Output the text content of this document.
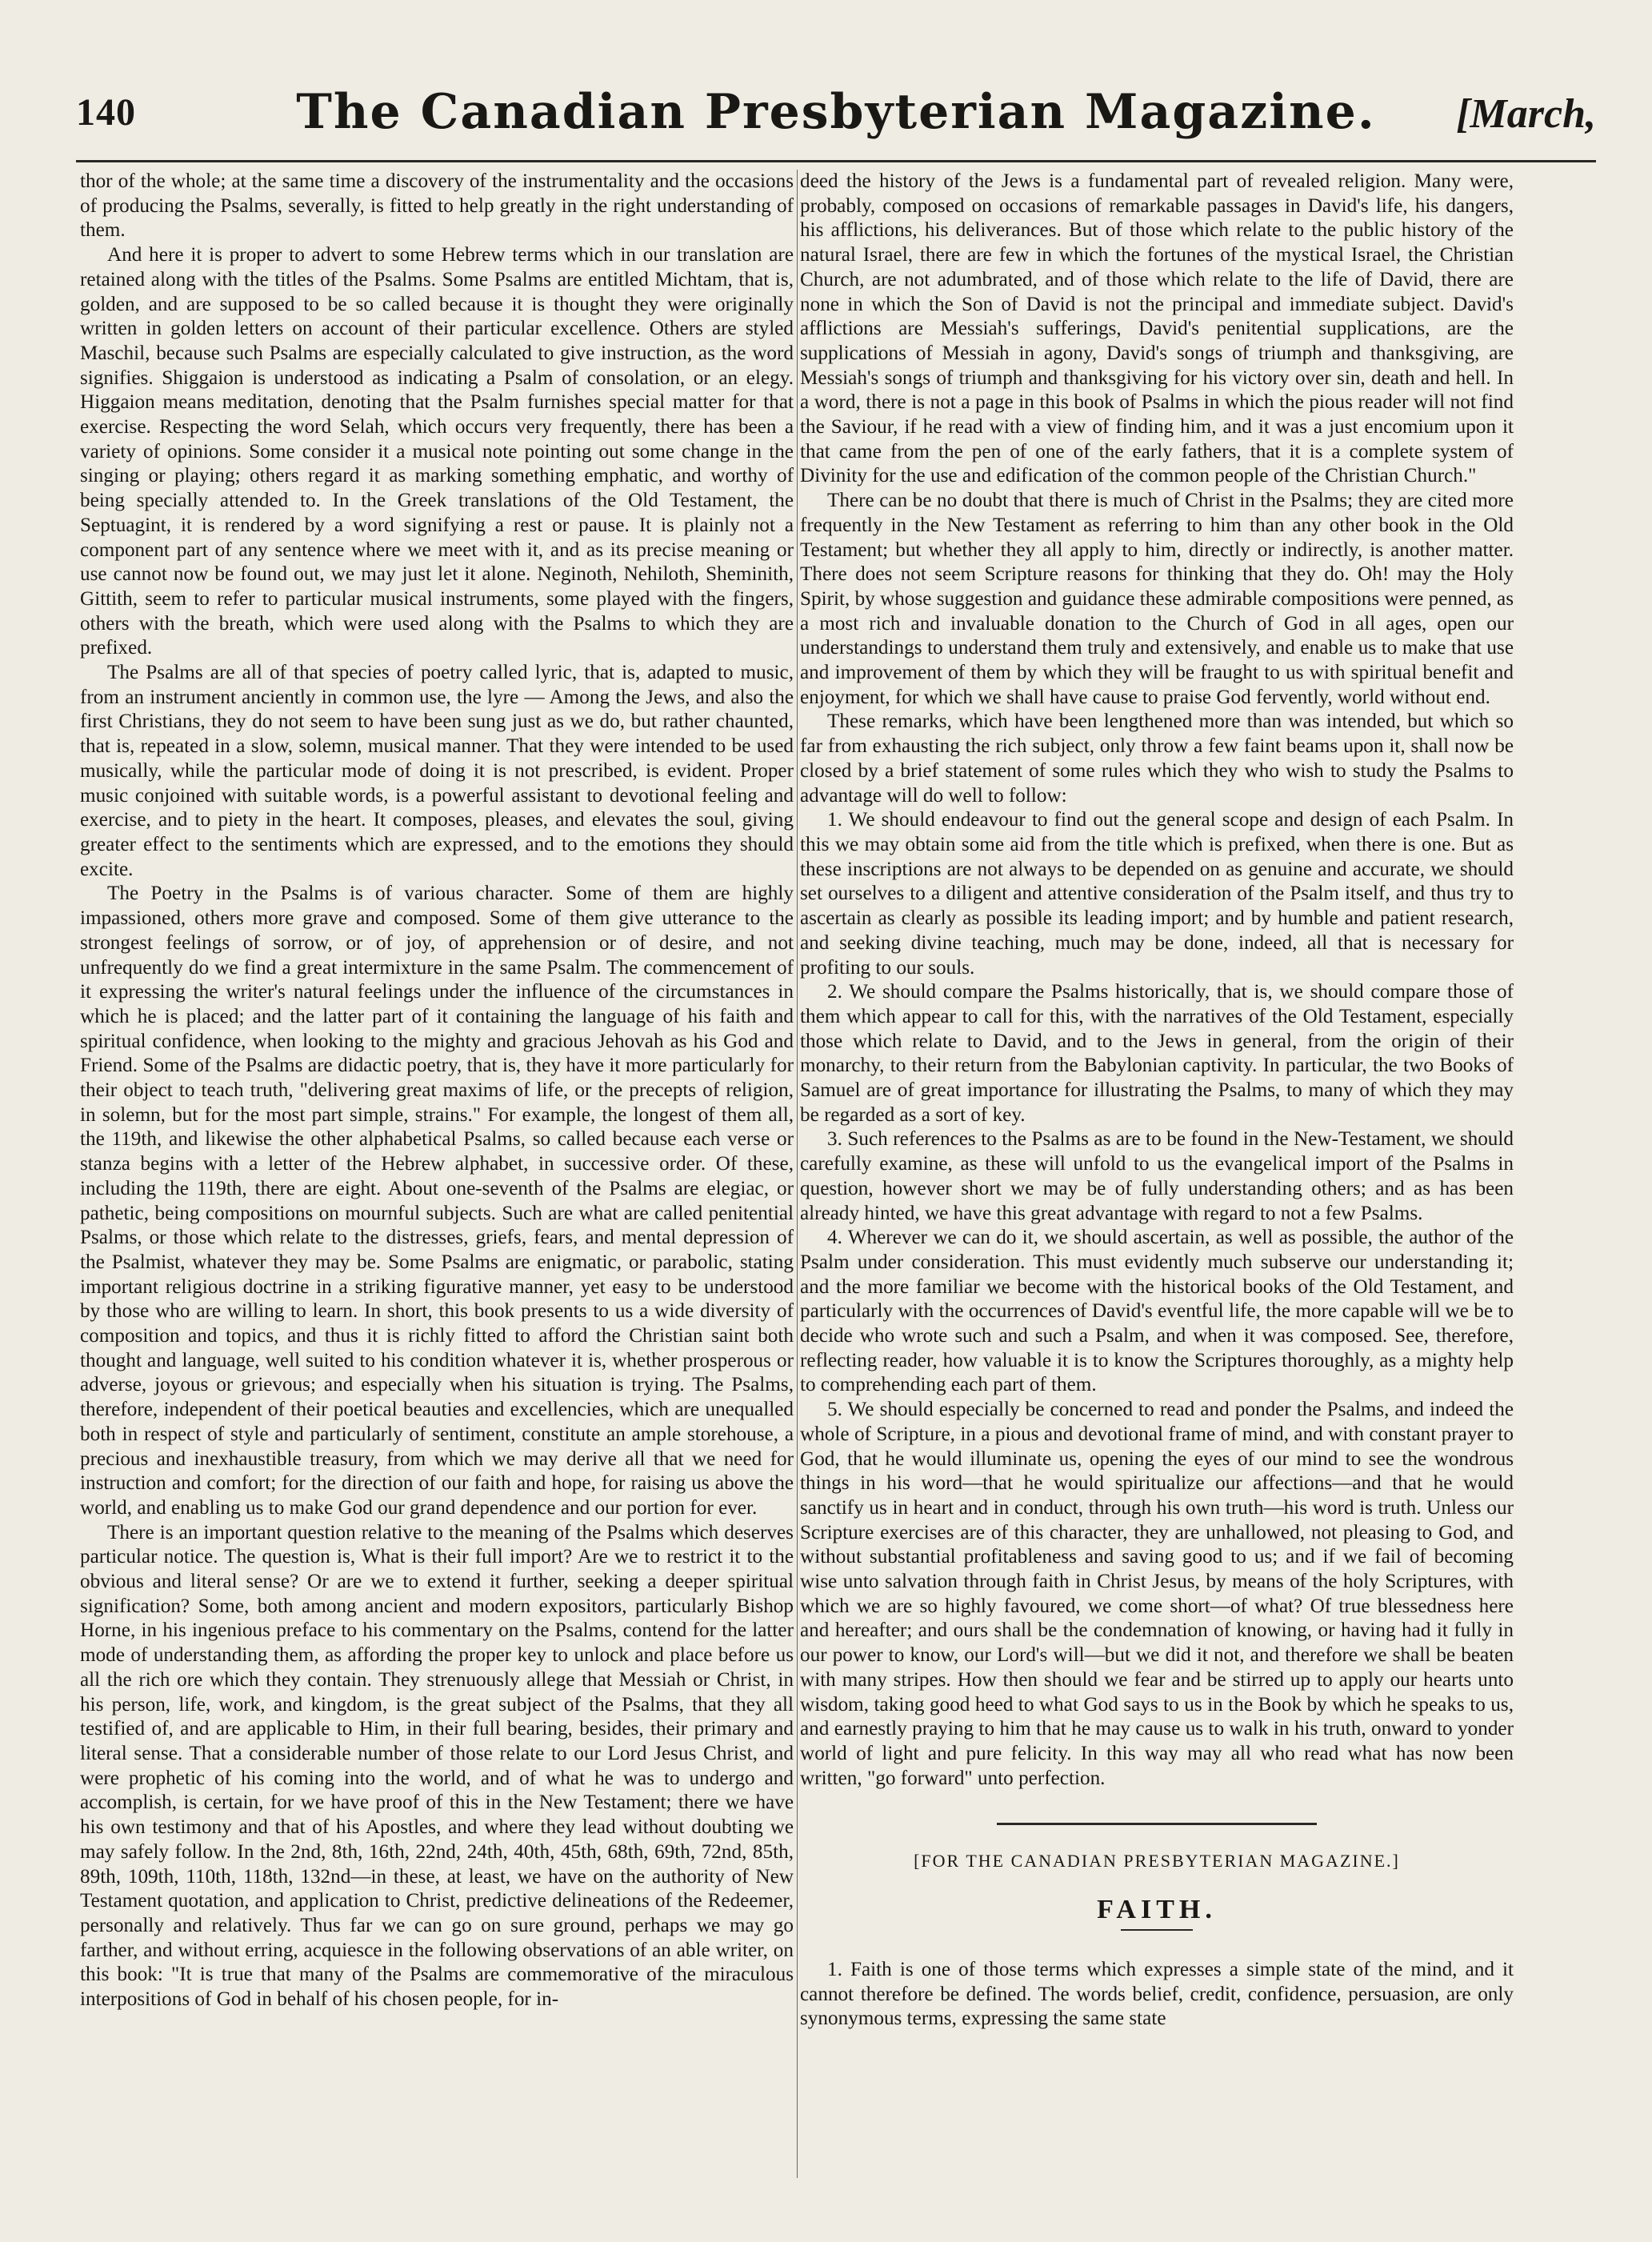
140	The Canadian Presbyterian Magazine.	[March,

thor of the whole; at the same time a discovery of the instrumentality and the occasions of producing the Psalms, severally, is fitted to help greatly in the right understanding of them.

And here it is proper to advert to some Hebrew terms which in our translation are retained along with the titles of the Psalms. Some Psalms are entitled Michtam, that is, golden, and are supposed to be so called because it is thought they were originally written in golden letters on account of their particular excellence. Others are styled Maschil, because such Psalms are especially calculated to give instruction, as the word signifies. Shiggaion is understood as indicating a Psalm of consolation, or an elegy. Higgaion means meditation, denoting that the Psalm furnishes special matter for that exercise. Respecting the word Selah, which occurs very frequently, there has been a variety of opinions. Some consider it a musical note pointing out some change in the singing or playing; others regard it as marking something emphatic, and worthy of being specially attended to. In the Greek translations of the Old Testament, the Septuagint, it is rendered by a word signifying a rest or pause. It is plainly not a component part of any sentence where we meet with it, and as its precise meaning or use cannot now be found out, we may just let it alone. Neginoth, Nehiloth, Sheminith, Gittith, seem to refer to particular musical instruments, some played with the fingers, others with the breath, which were used along with the Psalms to which they are prefixed.

The Psalms are all of that species of poetry called lyric, that is, adapted to music, from an instrument anciently in common use, the lyre — Among the Jews, and also the first Christians, they do not seem to have been sung just as we do, but rather chaunted, that is, repeated in a slow, solemn, musical manner. That they were intended to be used musically, while the particular mode of doing it is not prescribed, is evident. Proper music conjoined with suitable words, is a powerful assistant to devotional feeling and exercise, and to piety in the heart. It composes, pleases, and elevates the soul, giving greater effect to the sentiments which are expressed, and to the emotions they should excite.

The Poetry in the Psalms is of various character. Some of them are highly impassioned, others more grave and composed. Some of them give utterance to the strongest feelings of sorrow, or of joy, of apprehension or of desire, and not unfrequently do we find a great intermixture in the same Psalm. The commencement of it expressing the writer's natural feelings under the influence of the circumstances in which he is placed; and the latter part of it containing the language of his faith and spiritual confidence, when looking to the mighty and gracious Jehovah as his God and Friend. Some of the Psalms are didactic poetry, that is, they have it more particularly for their object to teach truth, "delivering great maxims of life, or the precepts of religion, in solemn, but for the most part simple, strains." For example, the longest of them all, the 119th, and likewise the other alphabetical Psalms, so called because each verse or stanza begins with a letter of the Hebrew alphabet, in successive order. Of these, including the 119th, there are eight. About one-seventh of the Psalms are elegiac, or pathetic, being compositions on mournful subjects. Such are what are called penitential Psalms, or those which relate to the distresses, griefs, fears, and mental depression of the Psalmist, whatever they may be. Some Psalms are enigmatic, or parabolic, stating important religious doctrine in a striking figurative manner, yet easy to be understood by those who are willing to learn. In short, this book presents to us a wide diversity of composition and topics, and thus it is richly fitted to afford the Christian saint both thought and language, well suited to his condition whatever it is, whether prosperous or adverse, joyous or grievous; and especially when his situation is trying. The Psalms, therefore, independent of their poetical beauties and excellencies, which are unequalled both in respect of style and particularly of sentiment, constitute an ample storehouse, a precious and inexhaustible treasury, from which we may derive all that we need for instruction and comfort; for the direction of our faith and hope, for raising us above the world, and enabling us to make God our grand dependence and our portion for ever.

There is an important question relative to the meaning of the Psalms which deserves particular notice. The question is, What is their full import? Are we to restrict it to the obvious and literal sense? Or are we to extend it further, seeking a deeper spiritual signification? Some, both among ancient and modern expositors, particularly Bishop Horne, in his ingenious preface to his commentary on the Psalms, contend for the latter mode of understanding them, as affording the proper key to unlock and place before us all the rich ore which they contain. They strenuously allege that Messiah or Christ, in his person, life, work, and kingdom, is the great subject of the Psalms, that they all testified of, and are applicable to Him, in their full bearing, besides, their primary and literal sense. That a considerable number of those relate to our Lord Jesus Christ, and were prophetic of his coming into the world, and of what he was to undergo and accomplish, is certain, for we have proof of this in the New Testament; there we have his own testimony and that of his Apostles, and where they lead without doubting we may safely follow. In the 2nd, 8th, 16th, 22nd, 24th, 40th, 45th, 68th, 69th, 72nd, 85th, 89th, 109th, 110th, 118th, 132nd—in these, at least, we have on the authority of New Testament quotation, and application to Christ, predictive delineations of the Redeemer, personally and relatively. Thus far we can go on sure ground, perhaps we may go farther, and without erring, acquiesce in the following observations of an able writer, on this book: "It is true that many of the Psalms are commemorative of the miraculous interpositions of God in behalf of his chosen people, for in-

deed the history of the Jews is a fundamental part of revealed religion. Many were, probably, composed on occasions of remarkable passages in David's life, his dangers, his afflictions, his deliverances. But of those which relate to the public history of the natural Israel, there are few in which the fortunes of the mystical Israel, the Christian Church, are not adumbrated, and of those which relate to the life of David, there are none in which the Son of David is not the principal and immediate subject. David's afflictions are Messiah's sufferings, David's penitential supplications, are the supplications of Messiah in agony, David's songs of triumph and thanksgiving, are Messiah's songs of triumph and thanksgiving for his victory over sin, death and hell. In a word, there is not a page in this book of Psalms in which the pious reader will not find the Saviour, if he read with a view of finding him, and it was a just encomium upon it that came from the pen of one of the early fathers, that it is a complete system of Divinity for the use and edification of the common people of the Christian Church."

There can be no doubt that there is much of Christ in the Psalms; they are cited more frequently in the New Testament as referring to him than any other book in the Old Testament; but whether they all apply to him, directly or indirectly, is another matter. There does not seem Scripture reasons for thinking that they do. Oh! may the Holy Spirit, by whose suggestion and guidance these admirable compositions were penned, as a most rich and invaluable donation to the Church of God in all ages, open our understandings to understand them truly and extensively, and enable us to make that use and improvement of them by which they will be fraught to us with spiritual benefit and enjoyment, for which we shall have cause to praise God fervently, world without end.

These remarks, which have been lengthened more than was intended, but which so far from exhausting the rich subject, only throw a few faint beams upon it, shall now be closed by a brief statement of some rules which they who wish to study the Psalms to advantage will do well to follow:

1. We should endeavour to find out the general scope and design of each Psalm. In this we may obtain some aid from the title which is prefixed, when there is one. But as these inscriptions are not always to be depended on as genuine and accurate, we should set ourselves to a diligent and attentive consideration of the Psalm itself, and thus try to ascertain as clearly as possible its leading import; and by humble and patient research, and seeking divine teaching, much may be done, indeed, all that is necessary for profiting to our souls.

2. We should compare the Psalms historically, that is, we should compare those of them which appear to call for this, with the narratives of the Old Testament, especially those which relate to David, and to the Jews in general, from the origin of their monarchy, to their return from the Babylonian captivity. In particular, the two Books of Samuel are of great importance for illustrating the Psalms, to many of which they may be regarded as a sort of key.

3. Such references to the Psalms as are to be found in the New-Testament, we should carefully examine, as these will unfold to us the evangelical import of the Psalms in question, however short we may be of fully understanding others; and as has been already hinted, we have this great advantage with regard to not a few Psalms.

4. Wherever we can do it, we should ascertain, as well as possible, the author of the Psalm under consideration. This must evidently much subserve our understanding it; and the more familiar we become with the historical books of the Old Testament, and particularly with the occurrences of David's eventful life, the more capable will we be to decide who wrote such and such a Psalm, and when it was composed. See, therefore, reflecting reader, how valuable it is to know the Scriptures thoroughly, as a mighty help to comprehending each part of them.

5. We should especially be concerned to read and ponder the Psalms, and indeed the whole of Scripture, in a pious and devotional frame of mind, and with constant prayer to God, that he would illuminate us, opening the eyes of our mind to see the wondrous things in his word—that he would spiritualize our affections—and that he would sanctify us in heart and in conduct, through his own truth—his word is truth. Unless our Scripture exercises are of this character, they are unhallowed, not pleasing to God, and without substantial profitableness and saving good to us; and if we fail of becoming wise unto salvation through faith in Christ Jesus, by means of the holy Scriptures, with which we are so highly favoured, we come short—of what? Of true blessedness here and hereafter; and ours shall be the condemnation of knowing, or having had it fully in our power to know, our Lord's will—but we did it not, and therefore we shall be beaten with many stripes. How then should we fear and be stirred up to apply our hearts unto wisdom, taking good heed to what God says to us in the Book by which he speaks to us, and earnestly praying to him that he may cause us to walk in his truth, onward to yonder world of light and pure felicity. In this way may all who read what has now been written, "go forward" unto perfection.

[FOR THE CANADIAN PRESBYTERIAN MAGAZINE.]
FAITH.

1. Faith is one of those terms which expresses a simple state of the mind, and it cannot therefore be defined. The words belief, credit, confidence, persuasion, are only synonymous terms, expressing the same state
